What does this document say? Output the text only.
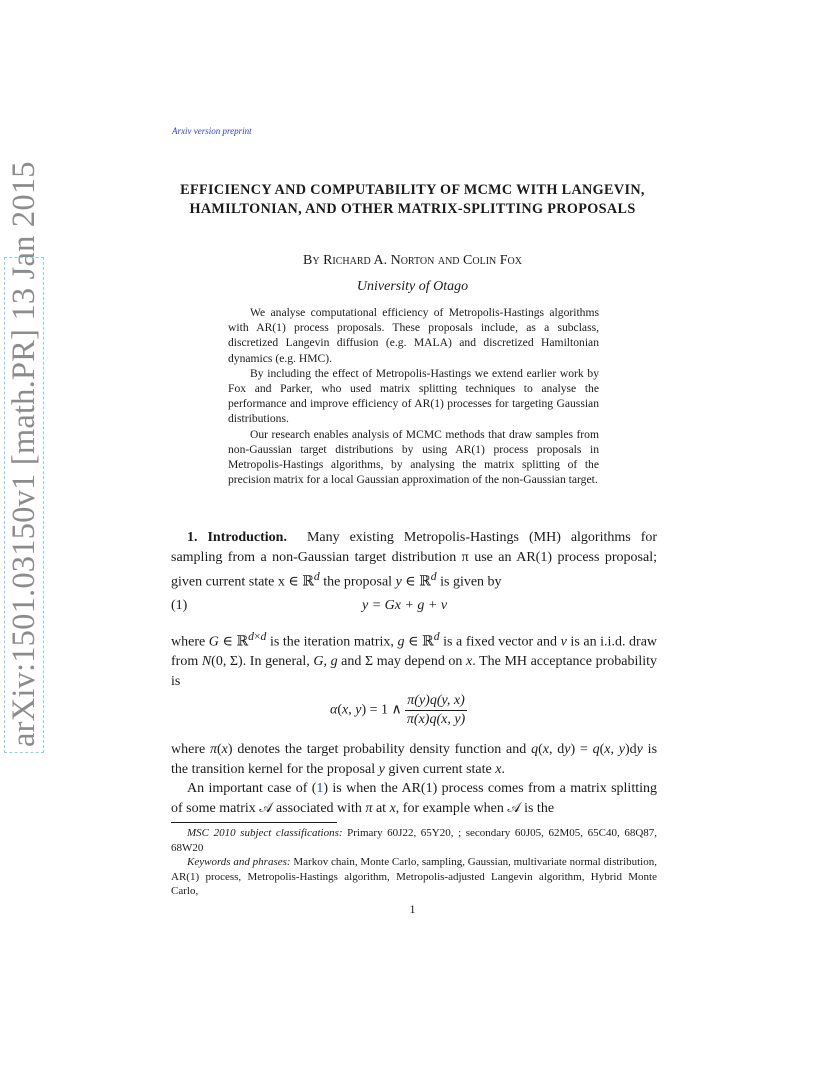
Arxiv version preprint
arXiv:1501.03150v1 [math.PR] 13 Jan 2015	EFFICIENCY AND COMPUTABILITY OF MCMC WITH LANGEVIN, HAMILTONIAN, AND OTHER MATRIX-SPLITTING PROPOSALS
By Richard A. Norton and Colin Fox
University of Otago

We analyse computational efficiency of Metropolis-Hastings algorithms with AR(1) process proposals. These proposals include, as a subclass, discretized Langevin diffusion (e.g. MALA) and discretized Hamiltonian dynamics (e.g. HMC).

By including the effect of Metropolis-Hastings we extend earlier work by Fox and Parker, who used matrix splitting techniques to analyse the performance and improve efficiency of AR(1) processes for targeting Gaussian distributions.

Our research enables analysis of MCMC methods that draw samples from non-Gaussian target distributions by using AR(1) process proposals in Metropolis-Hastings algorithms, by analysing the matrix splitting of the precision matrix for a local Gaussian approximation of the non-Gaussian target.

1. Introduction. Many existing Metropolis-Hastings (MH) algorithms for sampling from a non-Gaussian target distribution π use an AR(1) process proposal; given current state x ∈ ℝ$^d$ the proposal y ∈ ℝ$^d$ is given by

(1)	y = Gx + g + ν

where G ∈ ℝ$^{d\times d}$ is the iteration matrix, g ∈ ℝ$^d$ is a fixed vector and ν is an i.i.d. draw from N(0, Σ). In general, G, g and Σ may depend on x. The MH acceptance probability is

α(x, y) = 1 ∧ $\frac{\pi(y)q(y, x)}{\pi(x)q(x, y)}$

where π(x) denotes the target probability density function and q(x, dy) = q(x, y)dy is the transition kernel for the proposal y given current state x.

An important case of (1) is when the AR(1) process comes from a matrix splitting of some matrix 𝒜 associated with π at x, for example when 𝒜 is the

MSC 2010 subject classifications: Primary 60J22, 65Y20, ; secondary 60J05, 62M05, 65C40, 68Q87, 68W20

Keywords and phrases: Markov chain, Monte Carlo, sampling, Gaussian, multivariate normal distribution, AR(1) process, Metropolis-Hastings algorithm, Metropolis-adjusted Langevin algorithm, Hybrid Monte Carlo,

1
